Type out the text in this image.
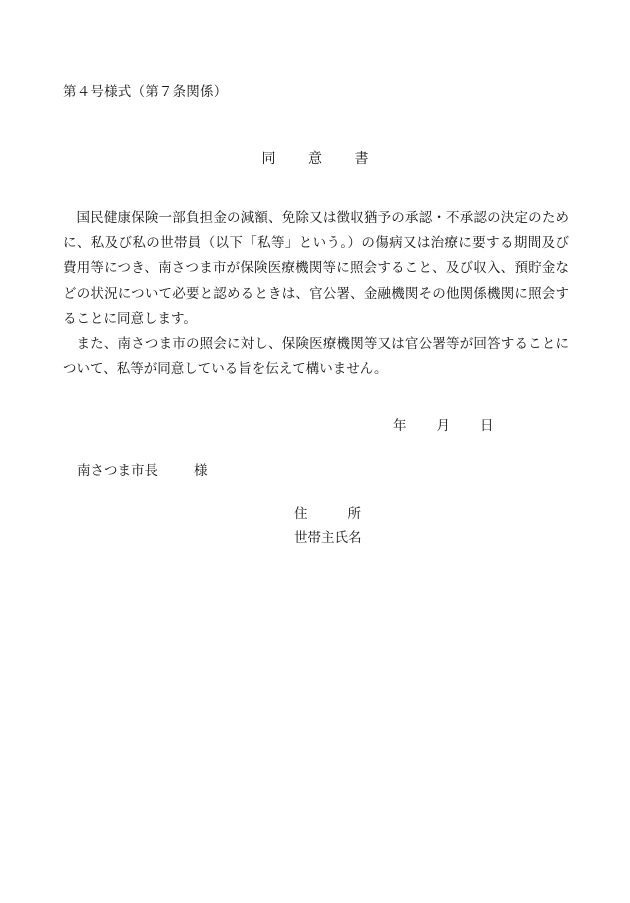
第４号様式（第７条関係）
同 意 書

国民健康保険一部負担金の減額、免除又は徴収猶予の承認・不承認の決定のために、私及び私の世帯員（以下「私等」という。）の傷病又は治療に要する期間及び費用等につき、南さつま市が保険医療機関等に照会すること、及び収入、預貯金などの状況について必要と認めるときは、官公署、金融機関その他関係機関に照会することに同意します。

また、南さつま市の照会に対し、保険医療機関等又は官公署等が回答することについて、私等が同意している旨を伝えて構いません。

年 月 日
南さつま市長	様
住	所
世帯主氏名
